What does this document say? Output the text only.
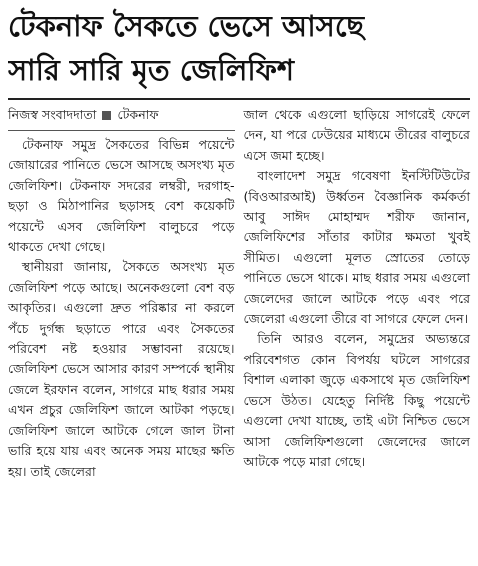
টেকনাফ সৈকতে ভেসে আসছে
সারি সারি মৃত জেলিফিশ
নিজস্ব সংবাদদাতা টেকনাফ

টেকনাফ সমুদ্র সৈকতের বিভিন্ন পয়েন্টে জোয়ারের পানিতে ভেসে আসছে অসংখ্য মৃত জেলিফিশ। টেকনাফ সদরের লম্বরী, দরগাহ-ছড়া ও মিঠাপানির ছড়াসহ বেশ কয়েকটি পয়েন্টে এসব জেলিফিশ বালুচরে পড়ে থাকতে দেখা গেছে।

স্থানীয়রা জানায়, সৈকতে অসংখ্য মৃত জেলিফিশ পড়ে আছে। অনেকগুলো বেশ বড় আকৃতির। এগুলো দ্রুত পরিষ্কার না করলে পঁচে দুর্গন্ধ ছড়াতে পারে এবং সৈকতের পরিবেশ নষ্ট হওয়ার সম্ভাবনা রয়েছে। জেলিফিশ ভেসে আসার কারণ সম্পর্কে স্থানীয় জেলে ইরফান বলেন, সাগরে মাছ ধরার সময় এখন প্রচুর জেলিফিশ জালে আটকা পড়ছে। জেলিফিশ জালে আটকে গেলে জাল টানা ভারি হয়ে যায় এবং অনেক সময় মাছের ক্ষতি হয়। তাই জেলেরা

জাল থেকে এগুলো ছাড়িয়ে সাগরেই ফেলে দেন, যা পরে ঢেউয়ের মাধ্যমে তীরের বালুচরে এসে জমা হচ্ছে।

বাংলাদেশ সমুদ্র গবেষণা ইনস্টিটিউটের (বিওআরআই) উর্ধ্বতন বৈজ্ঞানিক কর্মকর্তা আবু সাঈদ মোহাম্মদ শরীফ জানান, জেলিফিশের সাঁতার কাটার ক্ষমতা খুবই সীমিত। এগুলো মূলত স্রোতের তোড়ে পানিতে ভেসে থাকে। মাছ ধরার সময় এগুলো জেলেদের জালে আটকে পড়ে এবং পরে জেলেরা এগুলো তীরে বা সাগরে ফেলে দেন।

তিনি আরও বলেন, সমুদ্রের অভ্যন্তরে পরিবেশগত কোন বিপর্যয় ঘটলে সাগরের বিশাল এলাকা জুড়ে একসাথে মৃত জেলিফিশ ভেসে উঠত। যেহেতু নির্দিষ্ট কিছু পয়েন্টে এগুলো দেখা যাচ্ছে, তাই এটা নিশ্চিত ভেসে আসা জেলিফিশগুলো জেলেদের জালে আটকে পড়ে মারা গেছে।
